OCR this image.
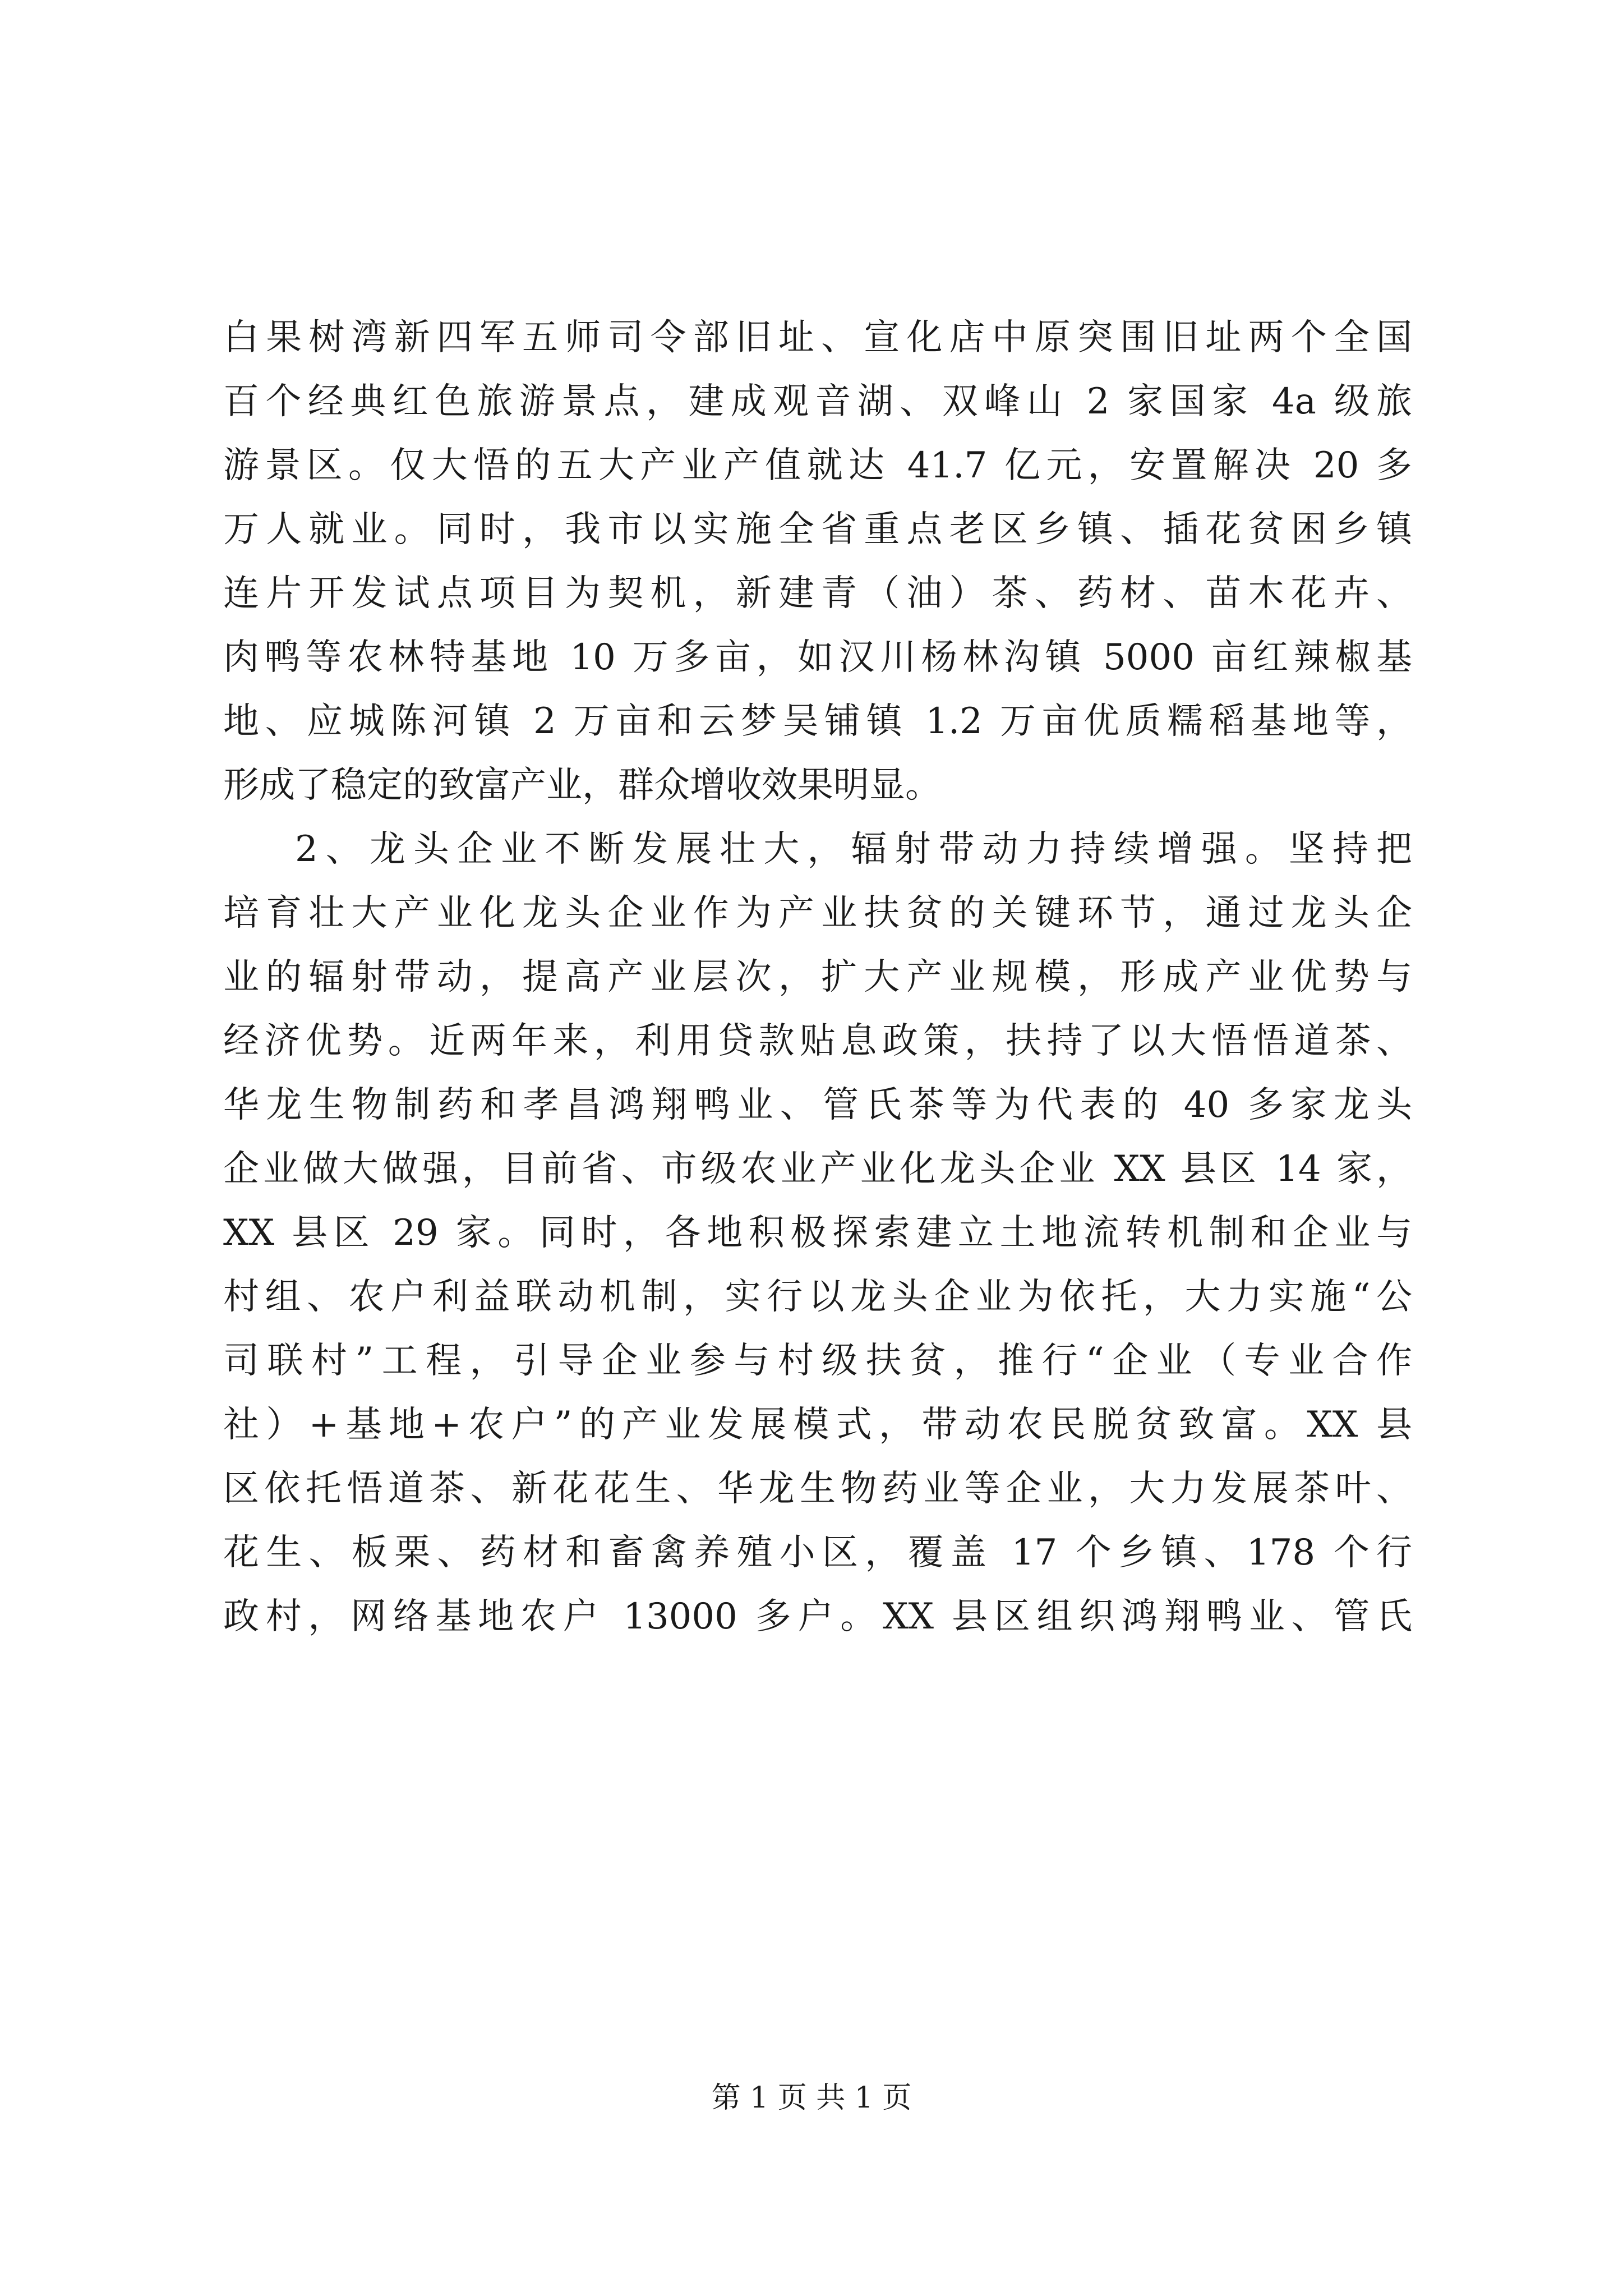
白果树湾新四军五师司令部旧址、宣化店中原突围旧址两个全国
百个经典红色旅游景点，建成观音湖、双峰山 2 家国家 4a 级旅
游景区。仅大悟的五大产业产值就达 41.7 亿元，安置解决 20 多
万人就业。同时，我市以实施全省重点老区乡镇、插花贫困乡镇
连片开发试点项目为契机，新建青（油）茶、药材、苗木花卉、
肉鸭等农林特基地 10 万多亩，如汉川杨林沟镇 5000 亩红辣椒基
地、应城陈河镇 2 万亩和云梦吴铺镇 1.2 万亩优质糯稻基地等，
形成了稳定的致富产业，群众增收效果明显。
2、龙头企业不断发展壮大，辐射带动力持续增强。坚持把
培育壮大产业化龙头企业作为产业扶贫的关键环节，通过龙头企
业的辐射带动，提高产业层次，扩大产业规模，形成产业优势与
经济优势。近两年来，利用贷款贴息政策，扶持了以大悟悟道茶、
华龙生物制药和孝昌鸿翔鸭业、管氏茶等为代表的 40 多家龙头
企业做大做强，目前省、市级农业产业化龙头企业 XX 县区 14 家，
XX 县区 29 家。同时，各地积极探索建立土地流转机制和企业与
村组、农户利益联动机制，实行以龙头企业为依托，大力实施“公
司联村”工程，引导企业参与村级扶贫，推行“企业（专业合作
社）+基地+农户”的产业发展模式，带动农民脱贫致富。XX 县
区依托悟道茶、新花花生、华龙生物药业等企业，大力发展茶叶、
花生、板栗、药材和畜禽养殖小区，覆盖 17 个乡镇、178 个行
政村，网络基地农户 13000 多户。XX 县区组织鸿翔鸭业、管氏
第 1 页 共 1 页
